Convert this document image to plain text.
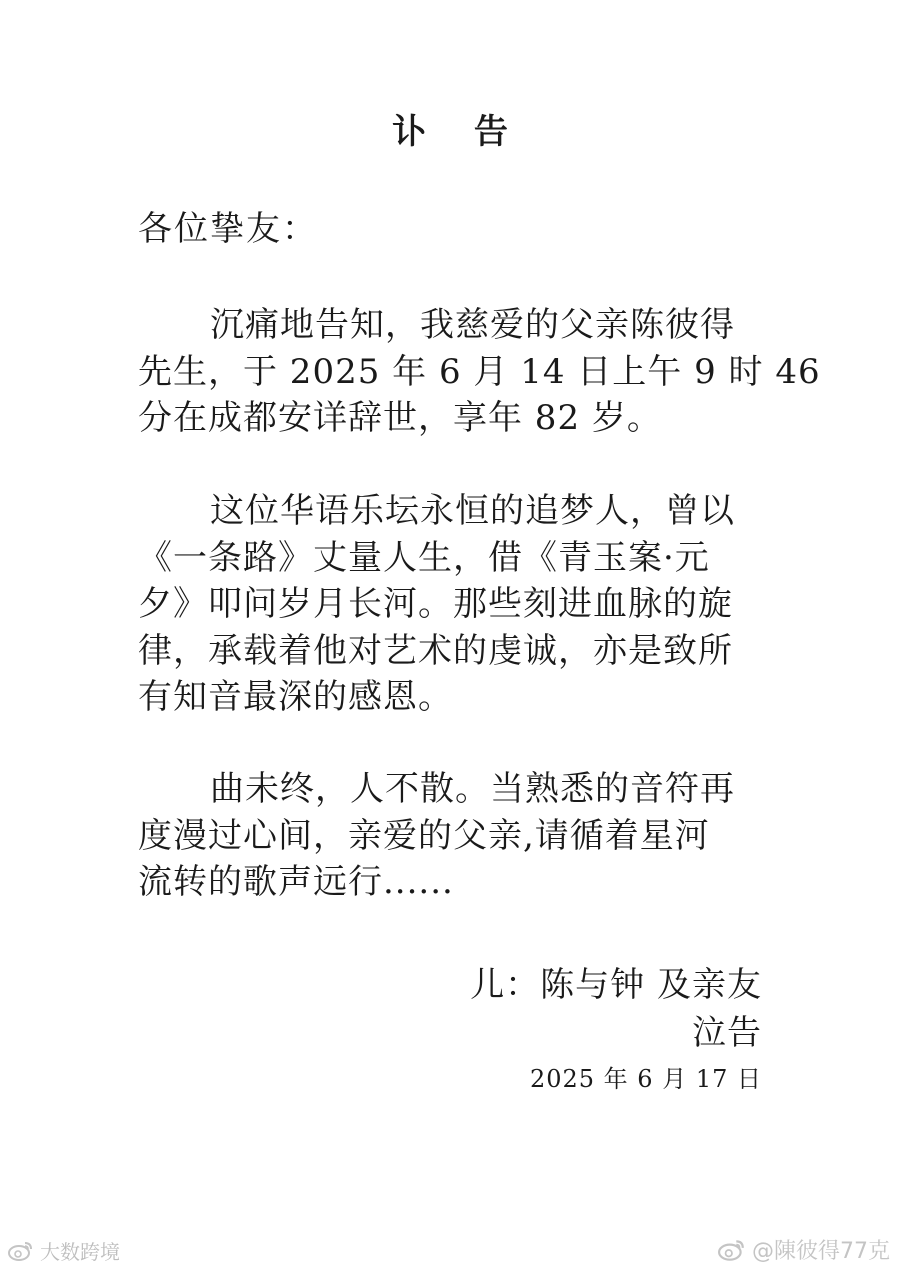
讣 告
各位挚友：
沉痛地告知，我慈爱的父亲陈彼得
先生，于 2025 年 6 月 14 日上午 9 时 46
分在成都安详辞世，享年 82 岁。
这位华语乐坛永恒的追梦人，曾以
《一条路》丈量人生，借《青玉案·元
夕》叩问岁月长河。那些刻进血脉的旋
律，承载着他对艺术的虔诚，亦是致所
有知音最深的感恩。
曲未终，人不散。当熟悉的音符再
度漫过心间，亲爱的父亲,请循着星河
流转的歌声远行......
儿：陈与钟 及亲友
泣告
2025 年 6 月 17 日
大数跨境	@陳彼得77克
